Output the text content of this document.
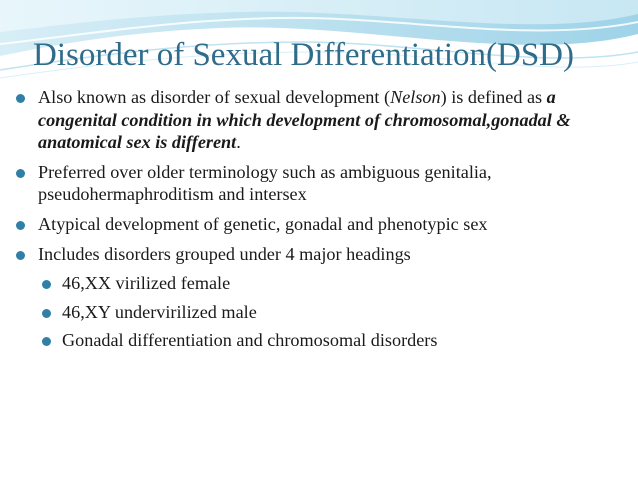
Disorder of Sexual Differentiation(DSD)
Also known as disorder of sexual development (Nelson) is defined as a congenital condition in which development of chromosomal,gonadal & anatomical sex is different.
Preferred over older terminology such as ambiguous genitalia, pseudohermaphroditism and intersex
Atypical development of genetic, gonadal and phenotypic sex
Includes disorders grouped under 4 major headings
46,XX virilized female
46,XY undervirilized male
Gonadal differentiation and chromosomal disorders
